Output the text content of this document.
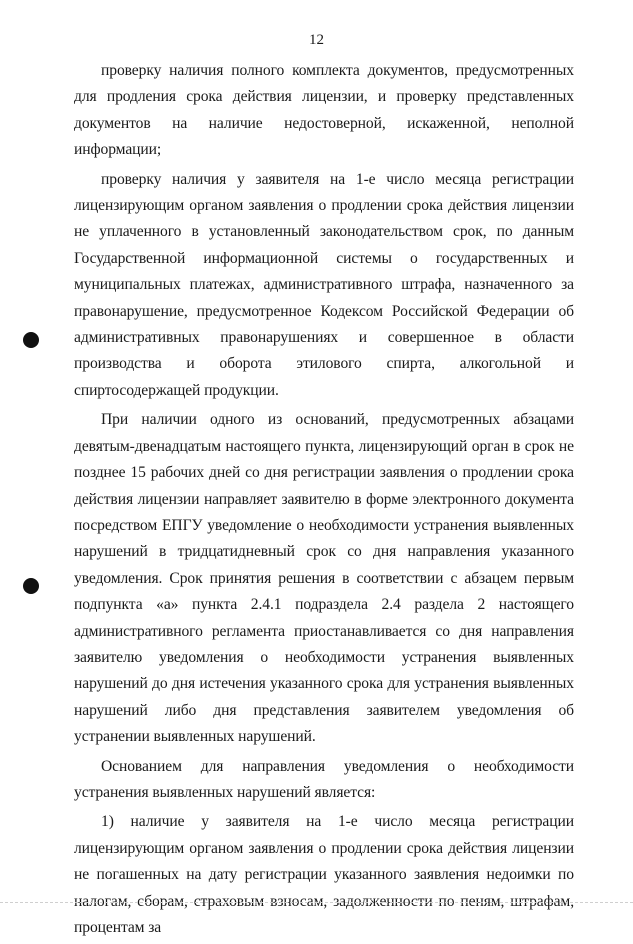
12

проверку наличия полного комплекта документов, предусмотренных для продления срока действия лицензии, и проверку представленных документов на наличие недостоверной, искаженной, неполной информации;

проверку наличия у заявителя на 1-е число месяца регистрации лицензирующим органом заявления о продлении срока действия лицензии не уплаченного в установленный законодательством срок, по данным Государственной информационной системы о государственных и муниципальных платежах, административного штрафа, назначенного за правонарушение, предусмотренное Кодексом Российской Федерации об административных правонарушениях и совершенное в области производства и оборота этилового спирта, алкогольной и спиртосодержащей продукции.

При наличии одного из оснований, предусмотренных абзацами девятым-двенадцатым настоящего пункта, лицензирующий орган в срок не позднее 15 рабочих дней со дня регистрации заявления о продлении срока действия лицензии направляет заявителю в форме электронного документа посредством ЕПГУ уведомление о необходимости устранения выявленных нарушений в тридцатидневный срок со дня направления указанного уведомления. Срок принятия решения в соответствии с абзацем первым подпункта «а» пункта 2.4.1 подраздела 2.4 раздела 2 настоящего административного регламента приостанавливается со дня направления заявителю уведомления о необходимости устранения выявленных нарушений до дня истечения указанного срока для устранения выявленных нарушений либо дня представления заявителем уведомления об устранении выявленных нарушений.

Основанием для направления уведомления о необходимости устранения выявленных нарушений является:

1) наличие у заявителя на 1-е число месяца регистрации лицензирующим органом заявления о продлении срока действия лицензии не погашенных на дату регистрации указанного заявления недоимки по налогам, сборам, страховым взносам, задолженности по пеням, штрафам, процентам за
